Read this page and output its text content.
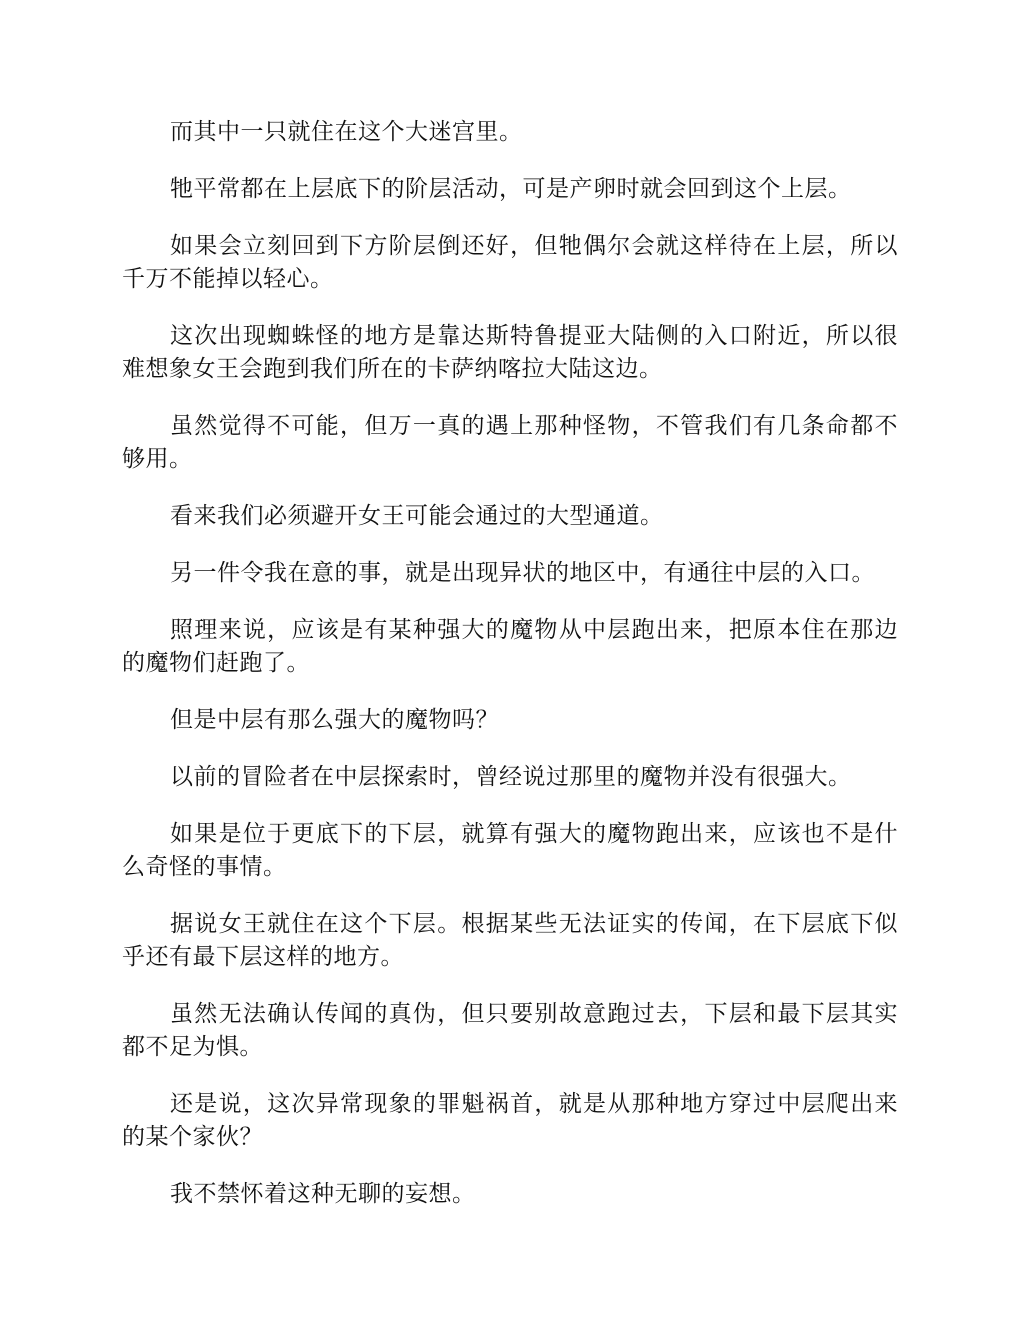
而其中一只就住在这个大迷宫里。

牠平常都在上层底下的阶层活动，可是产卵时就会回到这个上层。

如果会立刻回到下方阶层倒还好，但牠偶尔会就这样待在上层，所以千万不能掉以轻心。

这次出现蜘蛛怪的地方是靠达斯特鲁提亚大陆侧的入口附近，所以很难想象女王会跑到我们所在的卡萨纳喀拉大陆这边。

虽然觉得不可能，但万一真的遇上那种怪物，不管我们有几条命都不够用。

看来我们必须避开女王可能会通过的大型通道。

另一件令我在意的事，就是出现异状的地区中，有通往中层的入口。

照理来说，应该是有某种强大的魔物从中层跑出来，把原本住在那边的魔物们赶跑了。

但是中层有那么强大的魔物吗？

以前的冒险者在中层探索时，曾经说过那里的魔物并没有很强大。

如果是位于更底下的下层，就算有强大的魔物跑出来，应该也不是什么奇怪的事情。

据说女王就住在这个下层。根据某些无法证实的传闻，在下层底下似乎还有最下层这样的地方。

虽然无法确认传闻的真伪，但只要别故意跑过去，下层和最下层其实都不足为惧。

还是说，这次异常现象的罪魁祸首，就是从那种地方穿过中层爬出来的某个家伙？

我不禁怀着这种无聊的妄想。
